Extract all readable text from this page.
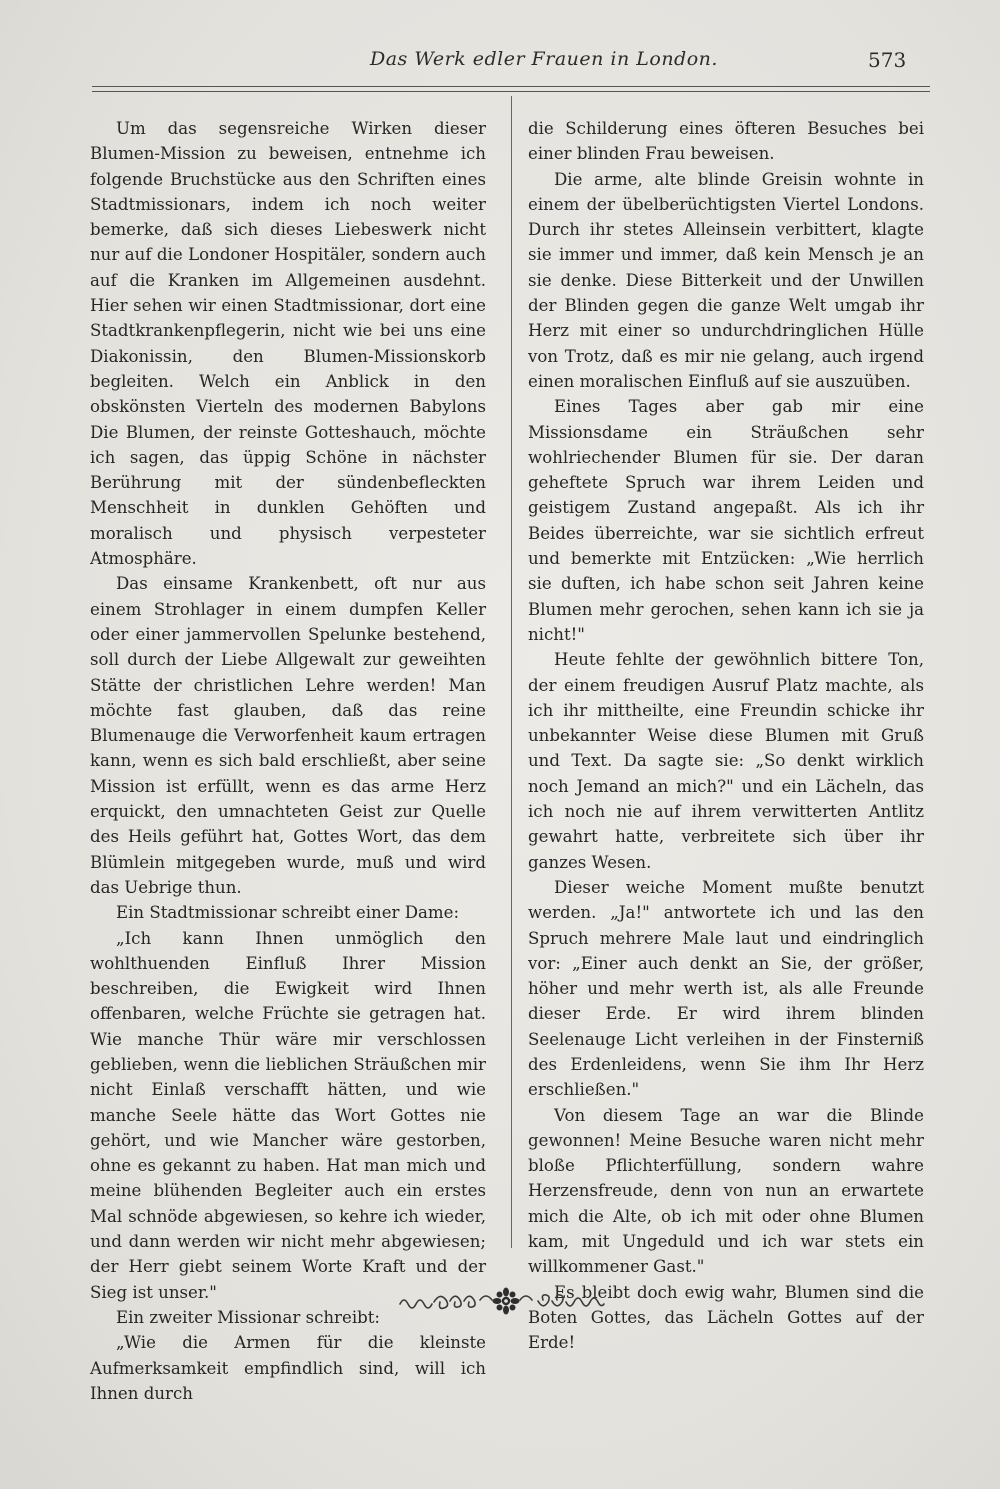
Das Werk edler Frauen in London.	573

Um das segensreiche Wirken dieser Blumen-Mission zu beweisen, entnehme ich folgende Bruchstücke aus den Schriften eines Stadtmissionars, indem ich noch weiter bemerke, daß sich dieses Liebeswerk nicht nur auf die Londoner Hospitäler, sondern auch auf die Kranken im Allgemeinen ausdehnt. Hier sehen wir einen Stadtmissionar, dort eine Stadtkrankenpflegerin, nicht wie bei uns eine Diakonissin, den Blumen-Missionskorb begleiten. Welch ein Anblick in den obskönsten Vierteln des modernen Babylons Die Blumen, der reinste Gotteshauch, möchte ich sagen, das üppig Schöne in nächster Berührung mit der sündenbefleckten Menschheit in dunklen Gehöften und moralisch und physisch verpesteter Atmosphäre.

Das einsame Krankenbett, oft nur aus einem Strohlager in einem dumpfen Keller oder einer jammervollen Spelunke bestehend, soll durch der Liebe Allgewalt zur geweihten Stätte der christlichen Lehre werden! Man möchte fast glauben, daß das reine Blumenauge die Verworfenheit kaum ertragen kann, wenn es sich bald erschließt, aber seine Mission ist erfüllt, wenn es das arme Herz erquickt, den umnachteten Geist zur Quelle des Heils geführt hat, Gottes Wort, das dem Blümlein mitgegeben wurde, muß und wird das Uebrige thun.

Ein Stadtmissionar schreibt einer Dame:

„Ich kann Ihnen unmöglich den wohlthuenden Einfluß Ihrer Mission beschreiben, die Ewigkeit wird Ihnen offenbaren, welche Früchte sie getragen hat. Wie manche Thür wäre mir verschlossen geblieben, wenn die lieblichen Sträußchen mir nicht Einlaß verschafft hätten, und wie manche Seele hätte das Wort Gottes nie gehört, und wie Mancher wäre gestorben, ohne es gekannt zu haben. Hat man mich und meine blühenden Begleiter auch ein erstes Mal schnöde abgewiesen, so kehre ich wieder, und dann werden wir nicht mehr abgewiesen; der Herr giebt seinem Worte Kraft und der Sieg ist unser."

Ein zweiter Missionar schreibt:

„Wie die Armen für die kleinste Aufmerksamkeit empfindlich sind, will ich Ihnen durch

die Schilderung eines öfteren Besuches bei einer blinden Frau beweisen.

Die arme, alte blinde Greisin wohnte in einem der übelberüchtigsten Viertel Londons. Durch ihr stetes Alleinsein verbittert, klagte sie immer und immer, daß kein Mensch je an sie denke. Diese Bitterkeit und der Unwillen der Blinden gegen die ganze Welt umgab ihr Herz mit einer so undurchdringlichen Hülle von Trotz, daß es mir nie gelang, auch irgend einen moralischen Einfluß auf sie auszuüben.

Eines Tages aber gab mir eine Missionsdame ein Sträußchen sehr wohlriechender Blumen für sie. Der daran geheftete Spruch war ihrem Leiden und geistigem Zustand angepaßt. Als ich ihr Beides überreichte, war sie sichtlich erfreut und bemerkte mit Entzücken: „Wie herrlich sie duften, ich habe schon seit Jahren keine Blumen mehr gerochen, sehen kann ich sie ja nicht!"

Heute fehlte der gewöhnlich bittere Ton, der einem freudigen Ausruf Platz machte, als ich ihr mittheilte, eine Freundin schicke ihr unbekannter Weise diese Blumen mit Gruß und Text. Da sagte sie: „So denkt wirklich noch Jemand an mich?" und ein Lächeln, das ich noch nie auf ihrem verwitterten Antlitz gewahrt hatte, verbreitete sich über ihr ganzes Wesen.

Dieser weiche Moment mußte benutzt werden. „Ja!" antwortete ich und las den Spruch mehrere Male laut und eindringlich vor: „Einer auch denkt an Sie, der größer, höher und mehr werth ist, als alle Freunde dieser Erde. Er wird ihrem blinden Seelenauge Licht verleihen in der Finsterniß des Erdenleidens, wenn Sie ihm Ihr Herz erschließen."

Von diesem Tage an war die Blinde gewonnen! Meine Besuche waren nicht mehr bloße Pflichterfüllung, sondern wahre Herzensfreude, denn von nun an erwartete mich die Alte, ob ich mit oder ohne Blumen kam, mit Ungeduld und ich war stets ein willkommener Gast."

Es bleibt doch ewig wahr, Blumen sind die Boten Gottes, das Lächeln Gottes auf der Erde!
